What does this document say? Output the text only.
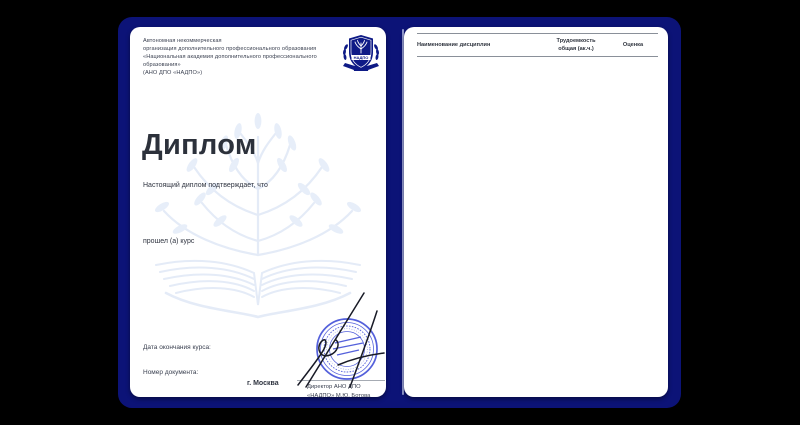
Автономная некоммерческая
организация дополнительного профессионального образования
«Национальная академия дополнительного профессионального
образования»
(АНО ДПО «НАДПО»)
НАДПО
Диплом
Настоящий диплом подтверждает, что
прошел (а) курс
Дата окончания курса:
Номер документа:
г. Москва	Директор АНО ДПО
«НАДПО» М.Ю. Ботова
Наименование дисциплин
Трудоемкость
общая (ак.ч.)
Оценка
